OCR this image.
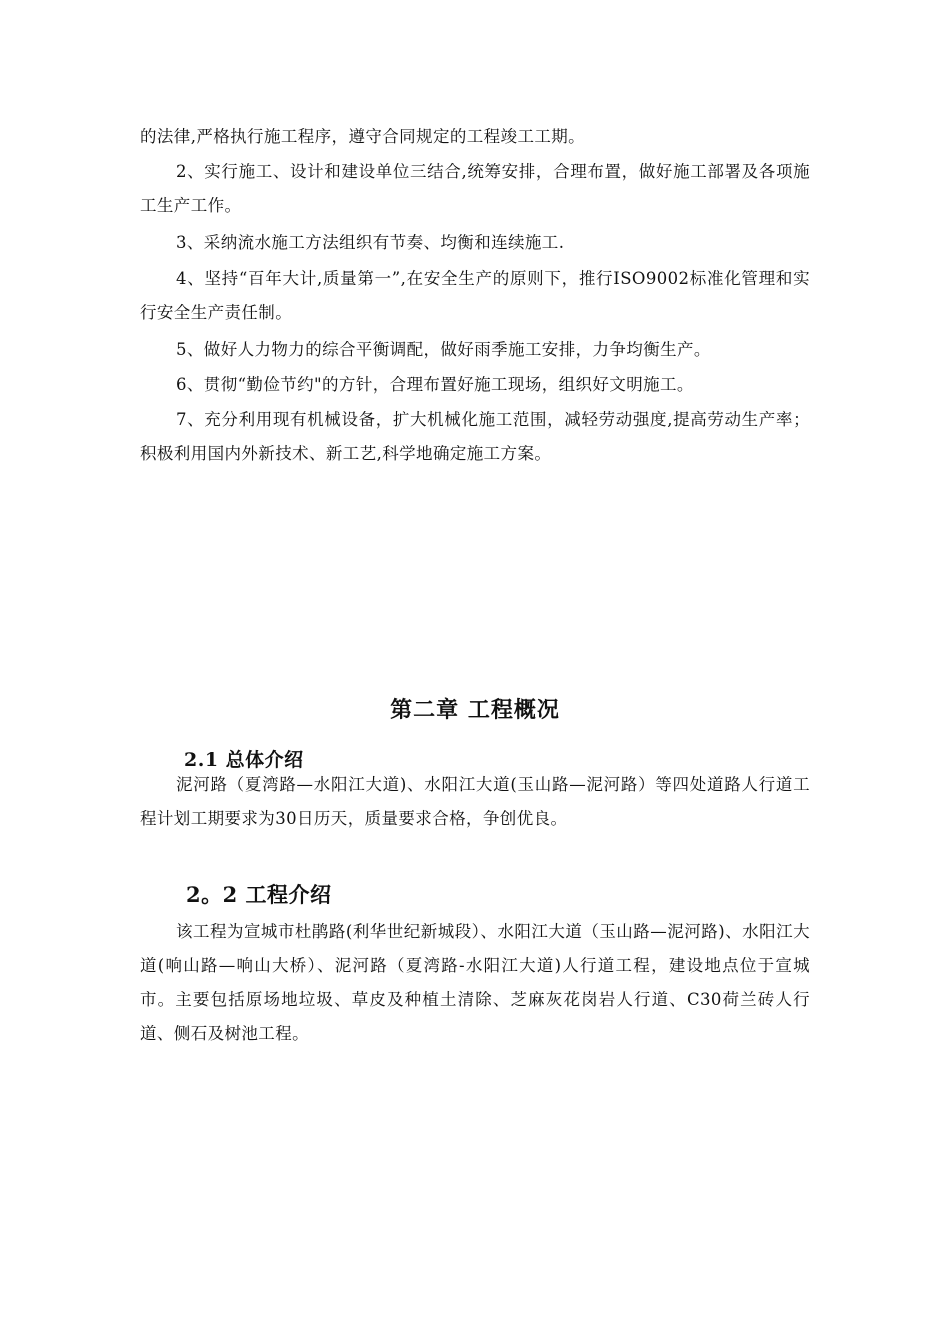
的法律,严格执行施工程序，遵守合同规定的工程竣工工期。

2、实行施工、设计和建设单位三结合,统筹安排，合理布置，做好施工部署及各项施工生产工作。

3、采纳流水施工方法组织有节奏、均衡和连续施工.

4、坚持“百年大计,质量第一”,在安全生产的原则下，推行ISO9002标准化管理和实行安全生产责任制。

5、做好人力物力的综合平衡调配，做好雨季施工安排，力争均衡生产。

6、贯彻“勤俭节约"的方针，合理布置好施工现场，组织好文明施工。

7、充分利用现有机械设备，扩大机械化施工范围，减轻劳动强度,提高劳动生产率；积极利用国内外新技术、新工艺,科学地确定施工方案。

第二章 工程概况
2.1 总体介绍

泥河路（夏湾路—水阳江大道)、水阳江大道(玉山路—泥河路）等四处道路人行道工程计划工期要求为30日历天，质量要求合格，争创优良。

2。2 工程介绍

该工程为宣城市杜鹃路(利华世纪新城段）、水阳江大道（玉山路—泥河路)、水阳江大道(响山路—响山大桥）、泥河路（夏湾路-水阳江大道)人行道工程，建设地点位于宣城市。主要包括原场地垃圾、草皮及种植土清除、芝麻灰花岗岩人行道、C30荷兰砖人行道、侧石及树池工程。
